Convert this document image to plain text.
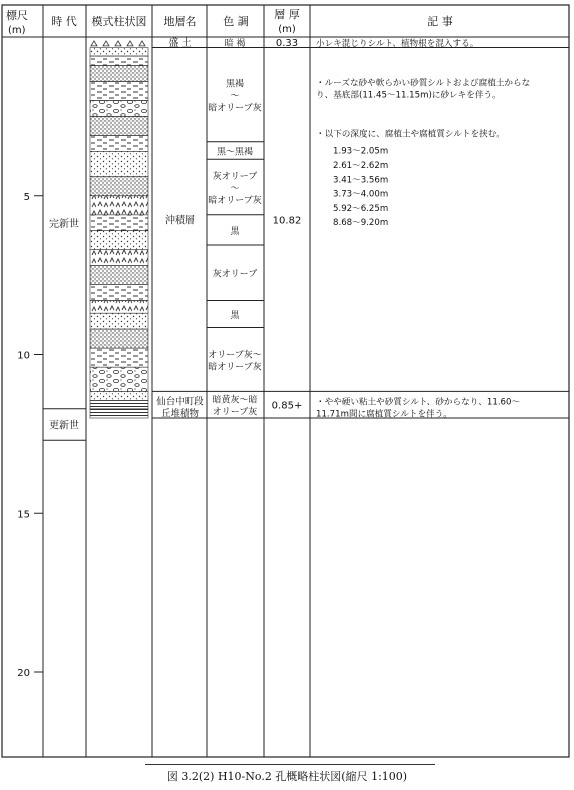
標尺
(m)
時 代 模式柱状図 地層名 色 調
層 厚
(m)
記 事
5
10
15
20
完新世
更新世
盛 土
沖積層
仙台中町段
丘堆積物
暗 褐
黒褐
〜
暗オリーブ灰
黒〜黒褐
灰オリーブ
〜
暗オリーブ灰
黒
灰オリーブ
黒
オリーブ灰〜
暗オリーブ灰
暗黄灰〜暗
オリーブ灰
0.33
10.82
0.85+
小レキ混じりシルト、植物根を混入する。
・ルーズな砂や軟らかい砂質シルトおよび腐植土からな
り、基底部(11.45〜11.15m)に砂レキを伴う。
・以下の深度に、腐植土や腐植質シルトを挟む。
・やや硬い粘土や砂質シルト、砂からなり、11.60〜
11.71m間に腐植質シルトを伴う。
1.93〜2.05m
2.61〜2.62m
3.41〜3.56m
3.73〜4.00m
5.92〜6.25m
8.68〜9.20m
図 3.2(2) H10-No.2 孔概略柱状図(縮尺 1:100)
